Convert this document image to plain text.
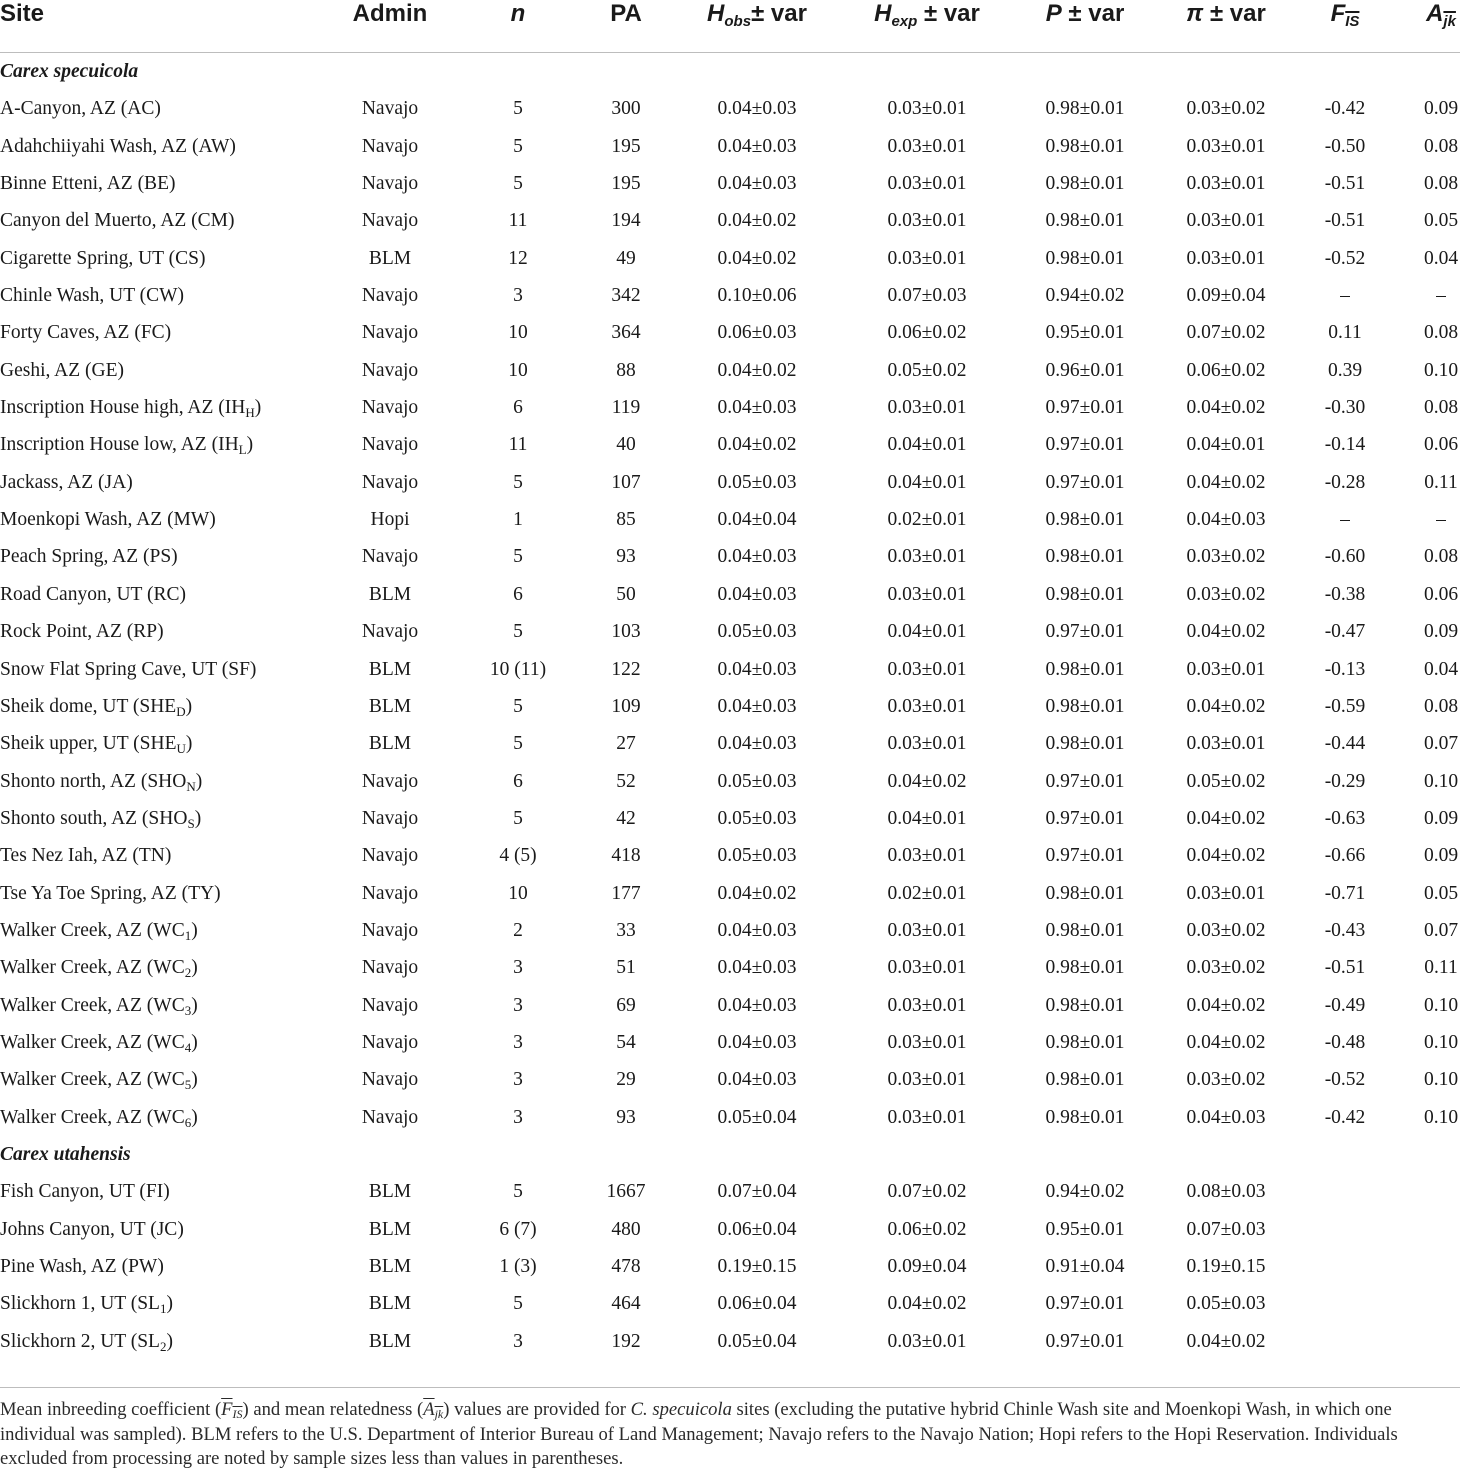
Site	Admin	n	PA	$H_{obs}\pm$ var	$H_{exp}$ ± var	P ± var	π ± var	$F_{IS}$	$A_{jk}$
Carex specuicola
A-Canyon, AZ (AC)	Navajo	5	300	0.04±0.03	0.03±0.01	0.98±0.01	0.03±0.02	-0.42	0.09
Adahchiiyahi Wash, AZ (AW)	Navajo	5	195	0.04±0.03	0.03±0.01	0.98±0.01	0.03±0.01	-0.50	0.08
Binne Etteni, AZ (BE)	Navajo	5	195	0.04±0.03	0.03±0.01	0.98±0.01	0.03±0.01	-0.51	0.08
Canyon del Muerto, AZ (CM)	Navajo	11	194	0.04±0.02	0.03±0.01	0.98±0.01	0.03±0.01	-0.51	0.05
Cigarette Spring, UT (CS)	BLM	12	49	0.04±0.02	0.03±0.01	0.98±0.01	0.03±0.01	-0.52	0.04
Chinle Wash, UT (CW)	Navajo	3	342	0.10±0.06	0.07±0.03	0.94±0.02	0.09±0.04	–	–
Forty Caves, AZ (FC)	Navajo	10	364	0.06±0.03	0.06±0.02	0.95±0.01	0.07±0.02	0.11	0.08
Geshi, AZ (GE)	Navajo	10	88	0.04±0.02	0.05±0.02	0.96±0.01	0.06±0.02	0.39	0.10
Inscription House high, AZ $(IH_H)$	Navajo	6	119	0.04±0.03	0.03±0.01	0.97±0.01	0.04±0.02	-0.30	0.08
Inscription House low, AZ $(IH_L)$	Navajo	11	40	0.04±0.02	0.04±0.01	0.97±0.01	0.04±0.01	-0.14	0.06
Jackass, AZ (JA)	Navajo	5	107	0.05±0.03	0.04±0.01	0.97±0.01	0.04±0.02	-0.28	0.11
Moenkopi Wash, AZ (MW)	Hopi	1	85	0.04±0.04	0.02±0.01	0.98±0.01	0.04±0.03	–	–
Peach Spring, AZ (PS)	Navajo	5	93	0.04±0.03	0.03±0.01	0.98±0.01	0.03±0.02	-0.60	0.08
Road Canyon, UT (RC)	BLM	6	50	0.04±0.03	0.03±0.01	0.98±0.01	0.03±0.02	-0.38	0.06
Rock Point, AZ (RP)	Navajo	5	103	0.05±0.03	0.04±0.01	0.97±0.01	0.04±0.02	-0.47	0.09
Snow Flat Spring Cave, UT (SF)	BLM	10 (11)	122	0.04±0.03	0.03±0.01	0.98±0.01	0.03±0.01	-0.13	0.04
Sheik dome, UT $(SHE_D)$	BLM	5	109	0.04±0.03	0.03±0.01	0.98±0.01	0.04±0.02	-0.59	0.08
Sheik upper, UT $(SHE_U)$	BLM	5	27	0.04±0.03	0.03±0.01	0.98±0.01	0.03±0.01	-0.44	0.07
Shonto north, AZ $(SHO_N)$	Navajo	6	52	0.05±0.03	0.04±0.02	0.97±0.01	0.05±0.02	-0.29	0.10
Shonto south, AZ $(SHO_S)$	Navajo	5	42	0.05±0.03	0.04±0.01	0.97±0.01	0.04±0.02	-0.63	0.09
Tes Nez Iah, AZ (TN)	Navajo	4 (5)	418	0.05±0.03	0.03±0.01	0.97±0.01	0.04±0.02	-0.66	0.09
Tse Ya Toe Spring, AZ (TY)	Navajo	10	177	0.04±0.02	0.02±0.01	0.98±0.01	0.03±0.01	-0.71	0.05
Walker Creek, AZ $(WC_1)$	Navajo	2	33	0.04±0.03	0.03±0.01	0.98±0.01	0.03±0.02	-0.43	0.07
Walker Creek, AZ $(WC_2)$	Navajo	3	51	0.04±0.03	0.03±0.01	0.98±0.01	0.03±0.02	-0.51	0.11
Walker Creek, AZ $(WC_3)$	Navajo	3	69	0.04±0.03	0.03±0.01	0.98±0.01	0.04±0.02	-0.49	0.10
Walker Creek, AZ $(WC_4)$	Navajo	3	54	0.04±0.03	0.03±0.01	0.98±0.01	0.04±0.02	-0.48	0.10
Walker Creek, AZ $(WC_5)$	Navajo	3	29	0.04±0.03	0.03±0.01	0.98±0.01	0.03±0.02	-0.52	0.10
Walker Creek, AZ $(WC_6)$	Navajo	3	93	0.05±0.04	0.03±0.01	0.98±0.01	0.04±0.03	-0.42	0.10
Carex utahensis
Fish Canyon, UT (FI)	BLM	5	1667	0.07±0.04	0.07±0.02	0.94±0.02	0.08±0.03
Johns Canyon, UT (JC)	BLM	6 (7)	480	0.06±0.04	0.06±0.02	0.95±0.01	0.07±0.03
Pine Wash, AZ (PW)	BLM	1 (3)	478	0.19±0.15	0.09±0.04	0.91±0.04	0.19±0.15
Slickhorn 1, UT $(SL_1)$	BLM	5	464	0.06±0.04	0.04±0.02	0.97±0.01	0.05±0.03
Slickhorn 2, UT $(SL_2)$	BLM	3	192	0.05±0.04	0.03±0.01	0.97±0.01	0.04±0.02
Mean inbreeding coefficient $(F_{IS})$ and mean relatedness $(A_{jk})$ values are provided for C. specuicola sites (excluding the putative hybrid Chinle Wash site and Moenkopi Wash, in which one individual was sampled). BLM refers to the U.S. Department of Interior Bureau of Land Management; Navajo refers to the Navajo Nation; Hopi refers to the Hopi Reservation. Individuals excluded from processing are noted by sample sizes less than values in parentheses.
